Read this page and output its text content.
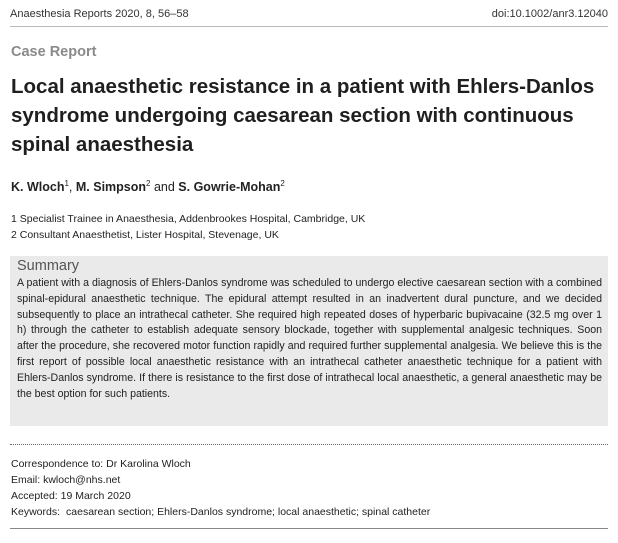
Anaesthesia Reports 2020, 8, 56–58	doi:10.1002/anr3.12040
Case Report
Local anaesthetic resistance in a patient with Ehlers-Danlos
syndrome undergoing caesarean section with continuous
spinal anaesthesia
K. Wloch$^1$, M. Simpson$^2$ and S. Gowrie-Mohan$^2$
1 Specialist Trainee in Anaesthesia, Addenbrookes Hospital, Cambridge, UK
2 Consultant Anaesthetist, Lister Hospital, Stevenage, UK
Summary
A patient with a diagnosis of Ehlers-Danlos syndrome was scheduled to undergo elective caesarean section with a combined spinal-epidural anaesthetic technique. The epidural attempt resulted in an inadvertent dural puncture, and we decided subsequently to place an intrathecal catheter. She required high repeated doses of hyperbaric bupivacaine (32.5 mg over 1 h) through the catheter to establish adequate sensory blockade, together with supplemental analgesic techniques. Soon after the procedure, she recovered motor function rapidly and required further supplemental analgesia. We believe this is the first report of possible local anaesthetic resistance with an intrathecal catheter anaesthetic technique for a patient with Ehlers-Danlos syndrome. If there is resistance to the first dose of intrathecal local anaesthetic, a general anaesthetic may be the best option for such patients.
Correspondence to: Dr Karolina Wloch
Email: kwloch@nhs.net
Accepted: 19 March 2020
Keywords: caesarean section; Ehlers-Danlos syndrome; local anaesthetic; spinal catheter
